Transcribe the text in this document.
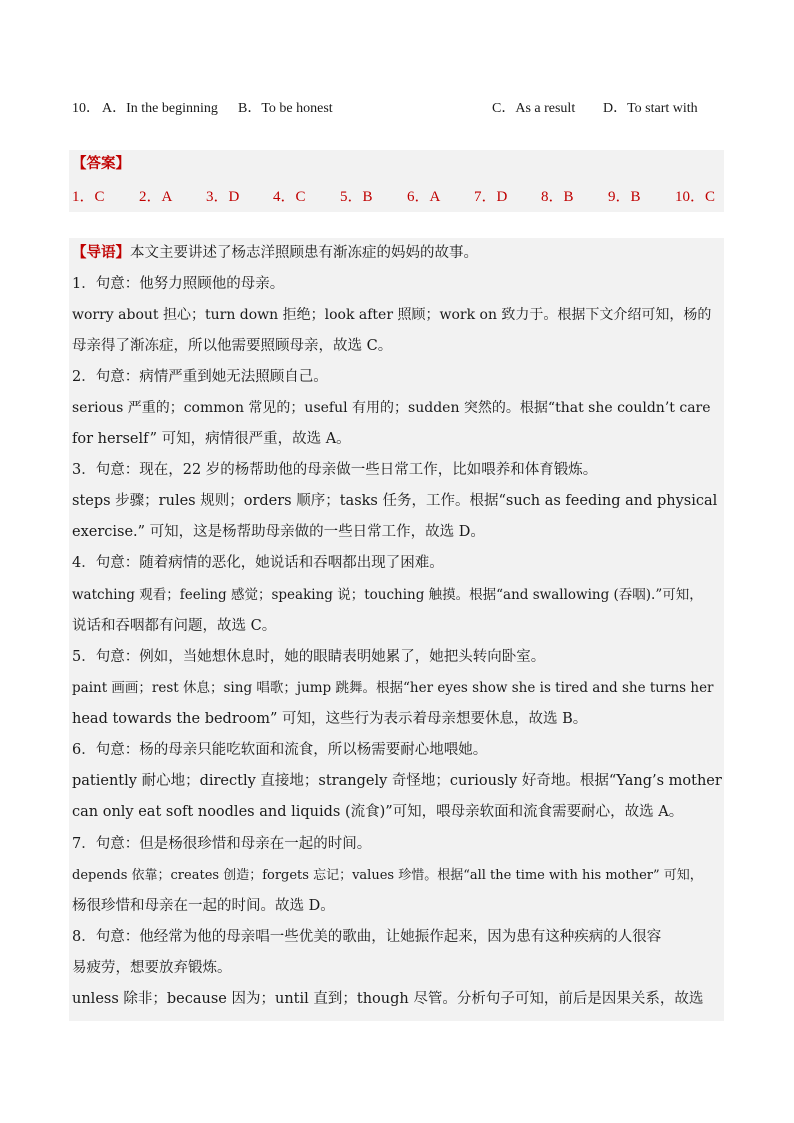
10． A．In the beginning B．To be honest	C．As a result D．To start with
【答案】
1．C 2．A 3．D 4．C 5．B 6．A 7．D 8．B 9．B 10．C
【导语】本文主要讲述了杨志洋照顾患有渐冻症的妈妈的故事。
1．句意：他努力照顾他的母亲。
worry about 担心；turn down 拒绝；look after 照顾；work on 致力于。根据下文介绍可知，杨的
母亲得了渐冻症，所以他需要照顾母亲，故选 C。
2．句意：病情严重到她无法照顾自己。
serious 严重的；common 常见的；useful 有用的；sudden 突然的。根据“that she couldn’t care
for herself” 可知，病情很严重，故选 A。
3．句意：现在，22 岁的杨帮助他的母亲做一些日常工作，比如喂养和体育锻炼。
steps 步骤；rules 规则；orders 顺序；tasks 任务，工作。根据“such as feeding and physical
exercise.” 可知，这是杨帮助母亲做的一些日常工作，故选 D。
4．句意：随着病情的恶化，她说话和吞咽都出现了困难。
watching 观看；feeling 感觉；speaking 说；touching 触摸。根据“and swallowing (吞咽).”可知，
说话和吞咽都有问题，故选 C。
5．句意：例如，当她想休息时，她的眼睛表明她累了，她把头转向卧室。
paint 画画；rest 休息；sing 唱歌；jump 跳舞。根据“her eyes show she is tired and she turns her
head towards the bedroom” 可知，这些行为表示着母亲想要休息，故选 B。
6．句意：杨的母亲只能吃软面和流食，所以杨需要耐心地喂她。
patiently 耐心地；directly 直接地；strangely 奇怪地；curiously 好奇地。根据“Yang’s mother
can only eat soft noodles and liquids (流食)”可知，喂母亲软面和流食需要耐心，故选 A。
7．句意：但是杨很珍惜和母亲在一起的时间。
depends 依靠；creates 创造；forgets 忘记；values 珍惜。根据“all the time with his mother” 可知，
杨很珍惜和母亲在一起的时间。故选 D。
8．句意：他经常为他的母亲唱一些优美的歌曲，让她振作起来，因为患有这种疾病的人很容
易疲劳，想要放弃锻炼。
unless 除非；because 因为；until 直到；though 尽管。分析句子可知，前后是因果关系，故选
